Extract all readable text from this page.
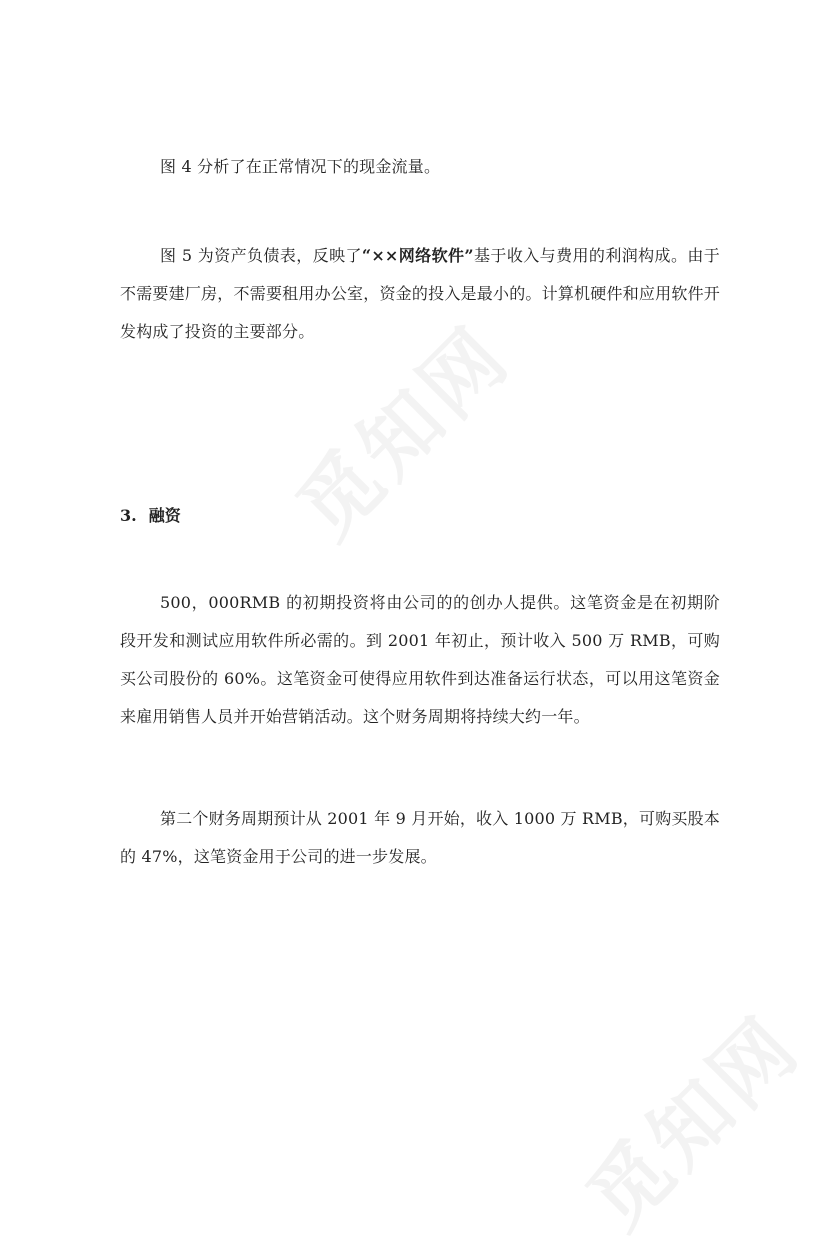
图 4 分析了在正常情况下的现金流量。

图 5 为资产负债表，反映了“××网络软件”基于收入与费用的利润构成。由于不需要建厂房，不需要租用办公室，资金的投入是最小的。计算机硬件和应用软件开发构成了投资的主要部分。

3. 融资

500，000RMB 的初期投资将由公司的的创办人提供。这笔资金是在初期阶段开发和测试应用软件所必需的。到 2001 年初止，预计收入 500 万 RMB，可购买公司股份的 60%。这笔资金可使得应用软件到达准备运行状态，可以用这笔资金来雇用销售人员并开始营销活动。这个财务周期将持续大约一年。

第二个财务周期预计从 2001 年 9 月开始，收入 1000 万 RMB，可购买股本的 47%，这笔资金用于公司的进一步发展。

觅知网
觅知网
